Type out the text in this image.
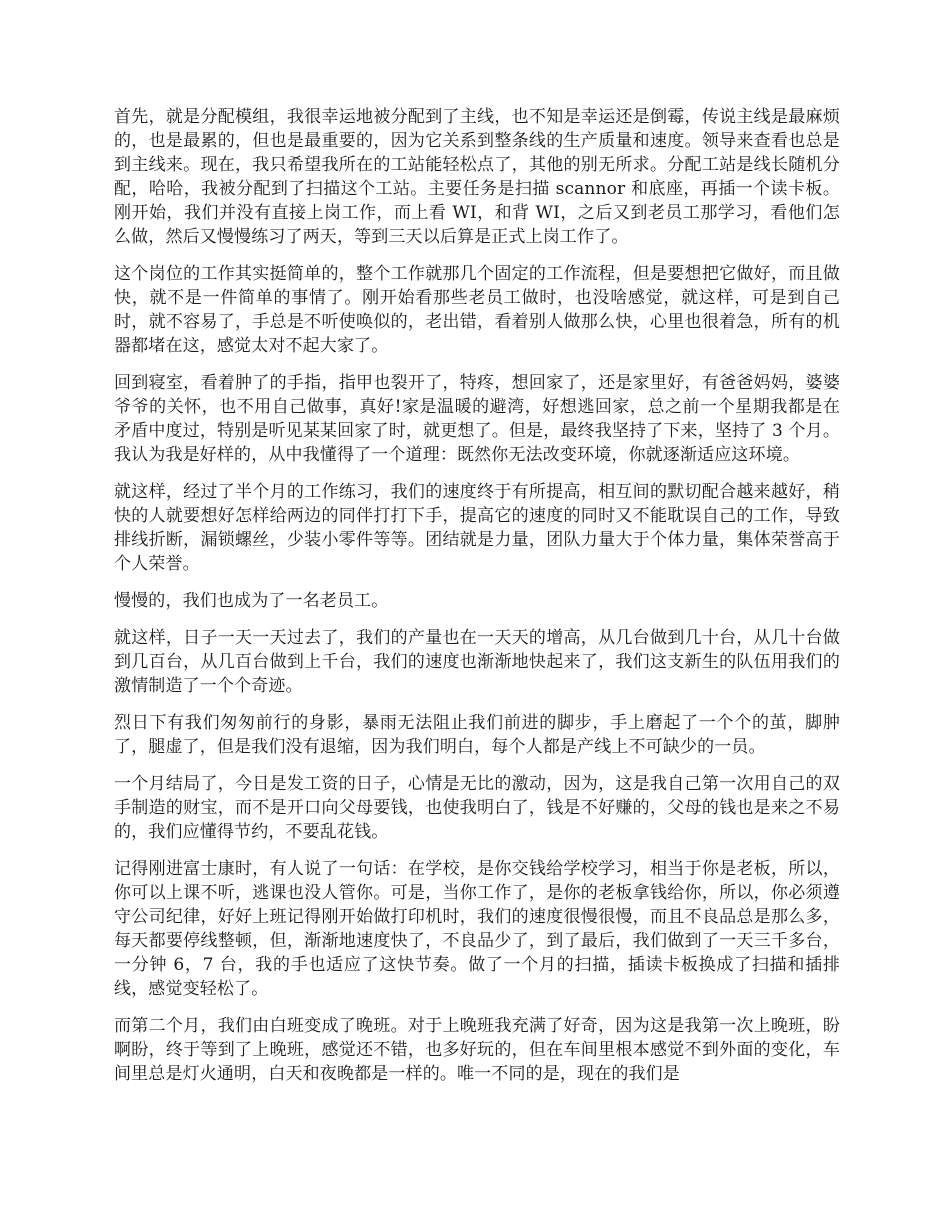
首先，就是分配模组，我很幸运地被分配到了主线，也不知是幸运还是倒霉，传说主线是最麻烦的，也是最累的，但也是最重要的，因为它关系到整条线的生产质量和速度。领导来查看也总是到主线来。现在，我只希望我所在的工站能轻松点了，其他的别无所求。分配工站是线长随机分配，哈哈，我被分配到了扫描这个工站。主要任务是扫描 scannor 和底座，再插一个读卡板。刚开始，我们并没有直接上岗工作，而上看 WI，和背 WI，之后又到老员工那学习，看他们怎么做，然后又慢慢练习了两天，等到三天以后算是正式上岗工作了。

这个岗位的工作其实挺简单的，整个工作就那几个固定的工作流程，但是要想把它做好，而且做快，就不是一件简单的事情了。刚开始看那些老员工做时，也没啥感觉，就这样，可是到自己时，就不容易了，手总是不听使唤似的，老出错，看着别人做那么快，心里也很着急，所有的机器都堵在这，感觉太对不起大家了。

回到寝室，看着肿了的手指，指甲也裂开了，特疼，想回家了，还是家里好，有爸爸妈妈，婆婆爷爷的关怀，也不用自己做事，真好!家是温暖的避湾，好想逃回家，总之前一个星期我都是在矛盾中度过，特别是听见某某回家了时，就更想了。但是，最终我坚持了下来，坚持了 3 个月。我认为我是好样的，从中我懂得了一个道理：既然你无法改变环境，你就逐渐适应这环境。

就这样，经过了半个月的工作练习，我们的速度终于有所提高，相互间的默切配合越来越好，稍快的人就要想好怎样给两边的同伴打打下手，提高它的速度的同时又不能耽误自己的工作，导致排线折断，漏锁螺丝，少装小零件等等。团结就是力量，团队力量大于个体力量，集体荣誉高于个人荣誉。

慢慢的，我们也成为了一名老员工。

就这样，日子一天一天过去了，我们的产量也在一天天的增高，从几台做到几十台，从几十台做到几百台，从几百台做到上千台，我们的速度也渐渐地快起来了，我们这支新生的队伍用我们的激情制造了一个个奇迹。

烈日下有我们匆匆前行的身影，暴雨无法阻止我们前进的脚步，手上磨起了一个个的茧，脚肿了，腿虚了，但是我们没有退缩，因为我们明白，每个人都是产线上不可缺少的一员。

一个月结局了，今日是发工资的日子，心情是无比的激动，因为，这是我自己第一次用自己的双手制造的财宝，而不是开口向父母要钱，也使我明白了，钱是不好赚的，父母的钱也是来之不易的，我们应懂得节约，不要乱花钱。

记得刚进富士康时，有人说了一句话：在学校，是你交钱给学校学习，相当于你是老板，所以，你可以上课不听，逃课也没人管你。可是，当你工作了，是你的老板拿钱给你，所以，你必须遵守公司纪律，好好上班记得刚开始做打印机时，我们的速度很慢很慢，而且不良品总是那么多，每天都要停线整顿，但，渐渐地速度快了，不良品少了，到了最后，我们做到了一天三千多台，一分钟 6，7 台，我的手也适应了这快节奏。做了一个月的扫描，插读卡板换成了扫描和插排线，感觉变轻松了。

而第二个月，我们由白班变成了晚班。对于上晚班我充满了好奇，因为这是我第一次上晚班，盼啊盼，终于等到了上晚班，感觉还不错，也多好玩的，但在车间里根本感觉不到外面的变化，车间里总是灯火通明，白天和夜晚都是一样的。唯一不同的是，现在的我们是
